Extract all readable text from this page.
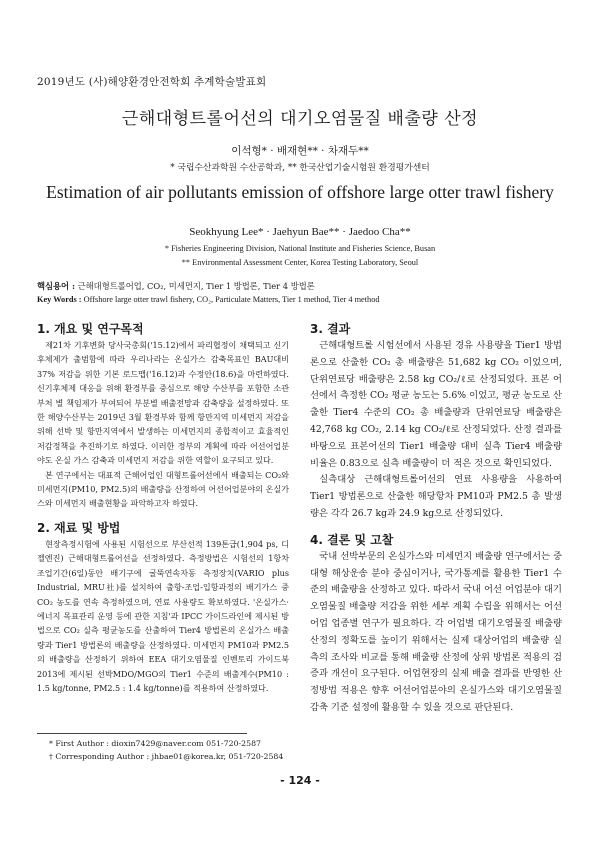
2019년도 (사)해양환경안전학회 추계학술발표회
근해대형트롤어선의 대기오염물질 배출량 산정
이석형* · 배재현** · 차재두**
* 국립수산과학원 수산공학과, ** 한국산업기술시험원 환경평가센터
Estimation of air pollutants emission of offshore large otter trawl fishery
Seokhyung Lee* · Jaehyun Bae** · Jaedoo Cha**
* Fisheries Engineering Division, National Institute and Fisheries Science, Busan
** Environmental Assessment Center, Korea Testing Laboratory, Seoul
핵심용어 : 근해대형트롤어업, CO₂, 미세먼지, Tier 1 방법론, Tier 4 방법론
Key Words : Offshore large otter trawl fishery, CO₂, Particulate Matters, Tier 1 method, Tier 4 method
1. 개요 및 연구목적

제21차 기후변화 당사국총회('15.12)에서 파리협정이 채택되고 신기후체제가 출범함에 따라 우리나라는 온실가스 감축목표인 BAU대비 37% 저감을 위한 기본 로드맵('16.12)과 수정안(18.6)을 마련하였다. 신기후체제 대응을 위해 환경부를 중심으로 해양 수산부를 포함한 소관부처 별 책임제가 부여되어 부분별 배출전망과 감축량을 설정하였다. 또한 해양수산부는 2019년 3월 환경부와 함께 항만지역 미세먼지 저감을 위해 선박 및 항만지역에서 발생하는 미세먼지의 종합적이고 효율적인 저감정책을 추진하기로 하였다. 이러한 정부의 계획에 따라 어선어업분야도 온실 가스 감축과 미세먼지 저감을 위한 역할이 요구되고 있다.

본 연구에서는 대표적 근해어업인 대형트롤어선에서 배출되는 CO₂와 미세먼지(PM10, PM2.5)의 배출량을 산정하여 어선어업분야의 온실가스와 미세먼지 배출현황을 파악하고자 하였다.

2. 재료 및 방법

현장측정시험에 사용된 시험선으로 부산선적 139톤급(1,904 ps, 디젤엔진) 근해대형트롤어선을 선정하였다. 측정방법은 시험선의 1항차 조업기간(6일)동안 배기구에 굴뚝연속자동 측정장치(VARIO plus Industrial, MRU社)를 설치하여 출항-조업-입항과정의 배기가스 중 CO₂ 농도를 연속 측정하였으며, 연료 사용량도 확보하였다. '온실가스·에너지 목표관리 운영 등에 관한 지침'과 IPCC 가이드라인에 제시된 방법으로 CO₂ 실측 평균농도를 산출하여 Tier4 방법론의 온실가스 배출량과 Tier1 방법론의 배출량을 산정하였다. 미세먼지 PM10과 PM2.5의 배출량을 산정하기 위하여 EEA 대기오염물질 인벤토리 가이드북 2013에 제시된 선박MDO/MGO의 Tier1 수준의 배출계수(PM10 : 1.5 kg/tonne, PM2.5 : 1.4 kg/tonne)를 적용하여 산정하였다.

3. 결과

근해대형트롤 시험선에서 사용된 경유 사용량을 Tier1 방법론으로 산출한 CO₂ 총 배출량은 51,682 kg CO₂ 이었으며, 단위연료당 배출량은 2.58 kg CO₂/ℓ로 산정되었다. 표본 어선에서 측정한 CO₂ 평균 농도는 5.6% 이었고, 평균 농도로 산출한 Tier4 수준의 CO₂ 총 배출량과 단위연료당 배출량은 42,768 kg CO₂, 2.14 kg CO₂/ℓ로 산정되었다. 산정 결과를 바탕으로 표본어선의 Tier1 배출량 대비 실측 Tier4 배출량 비율은 0.83으로 실측 배출량이 더 적은 것으로 확인되었다.

실측대상 근해대형트롤어선의 연료 사용량을 사용하여 Tier1 방법론으로 산출한 해당항차 PM10과 PM2.5 총 발생량은 각각 26.7 kg과 24.9 kg으로 산정되었다.

4. 결론 및 고찰

국내 선박부문의 온실가스와 미세먼지 배출량 연구에서는 중대형 해상운송 분야 중심이거나, 국가통계를 활용한 Tier1 수준의 배출량을 산정하고 있다. 따라서 국내 어선 어업분야 대기오염물질 배출량 저감을 위한 세부 계획 수립을 위해서는 어선어업 업종별 연구가 필요하다. 각 어업별 대기오염물질 배출량 산정의 정확도를 높이기 위해서는 실제 대상어업의 배출량 실측의 조사와 비교를 통해 배출량 산정에 상위 방법론 적용의 검증과 개선이 요구된다. 어업현장의 실제 배출 결과를 반영한 산정방법 적용은 향후 어선어업분야의 온실가스와 대기오염물질 감축 기준 설정에 활용할 수 있을 것으로 판단된다.

* First Author : dioxin7429@naver.com 051-720-2587
† Corresponding Author : jhbae01@korea.kr, 051-720-2584
- 124 -
